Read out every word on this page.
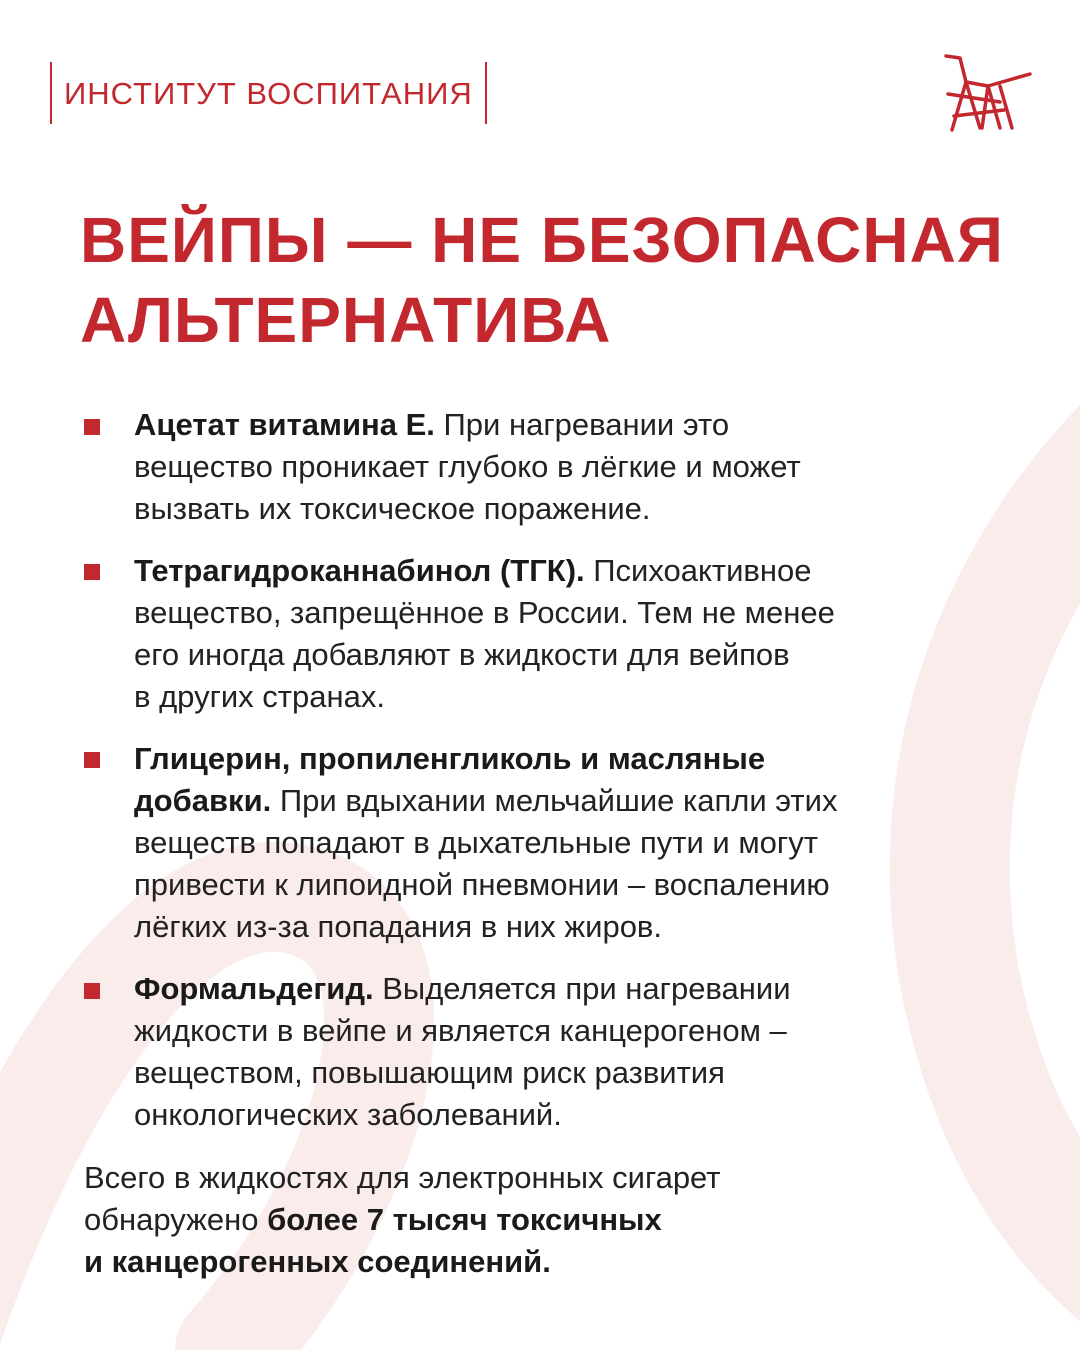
ИНСТИТУТ ВОСПИТАНИЯ
ВЕЙПЫ — НЕ БЕЗОПАСНАЯ
АЛЬТЕРНАТИВА
Ацетат витамина Е. При нагревании это
вещество проникает глубоко в лёгкие и может
вызвать их токсическое поражение.
Тетрагидроканнабинол (ТГК). Психоактивное
вещество, запрещённое в России. Тем не менее
его иногда добавляют в жидкости для вейпов
в других странах.
Глицерин, пропиленгликоль и масляные
добавки. При вдыхании мельчайшие капли этих
веществ попадают в дыхательные пути и могут
привести к липоидной пневмонии – воспалению
лёгких из-за попадания в них жиров.
Формальдегид. Выделяется при нагревании
жидкости в вейпе и является канцерогеном –
веществом, повышающим риск развития
онкологических заболеваний.
Всего в жидкостях для электронных сигарет
обнаружено более 7 тысяч токсичных
и канцерогенных соединений.
